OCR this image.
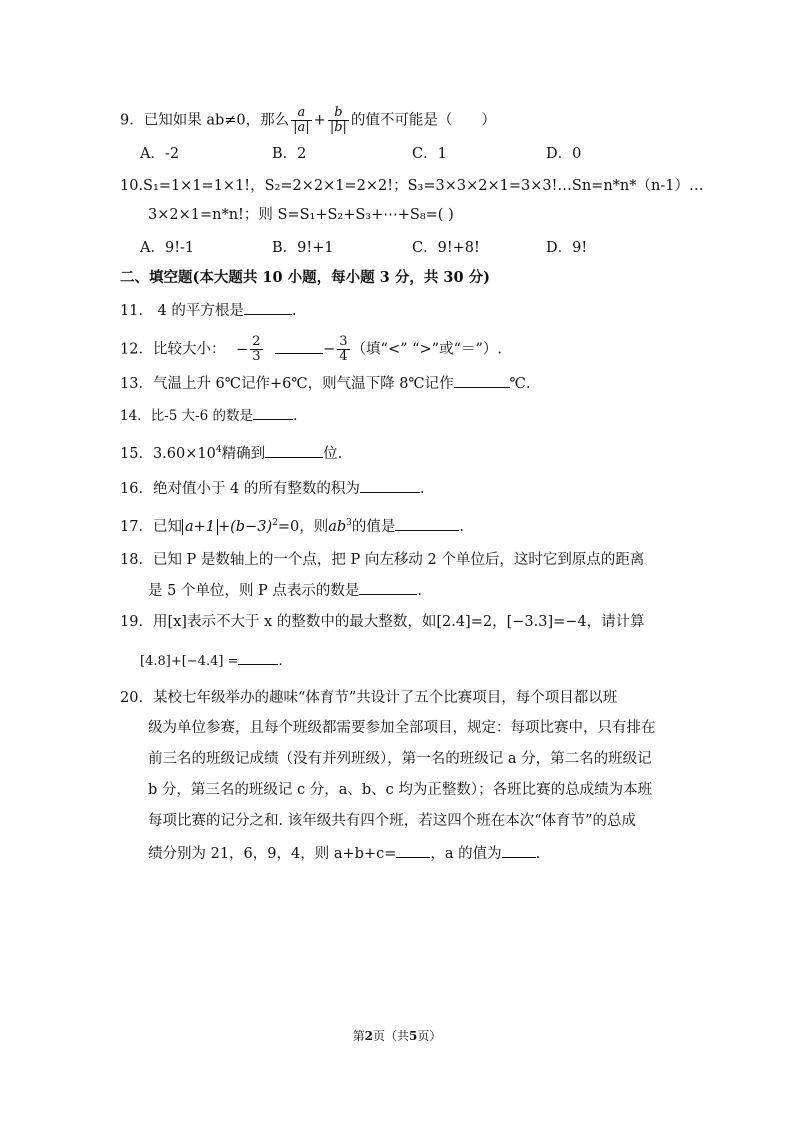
9．已知如果 ab≠0，那么 $\frac{a}{|a|} + \frac{b}{|b|}$ 的值不可能是（　　）
A．-2	B．2	C．1	D．0
10.S₁=1×1=1×1!，S₂=2×2×1=2×2!；S₃=3×3×2×1=3×3!…Sn=n*n*（n-1）…
3×2×1=n*n!；则 S=S₁+S₂+S₃+⋯+S₈=( )
A．9!-1	B．9!+1	C．9!+8!	D．9!
二、填空题(本大题共 10 小题，每小题 3 分，共 30 分)
11． 4 的平方根是	.
12．比较大小： − $\frac{2}{3}$	− $\frac{3}{4}$ （填“<” “>”或“＝”）.
13．气温上升 6℃记作+6℃，则气温下降 8℃记作	℃.
14．比-5 大-6 的数是	.
15．$3.60\times 10^4$精确到	位.
16．绝对值小于 4 的所有整数的积为	.
17．已知 $a+1 +(b-3)^2=0$，则$ab^3$的值是	.
18．已知 P 是数轴上的一个点，把 P 向左移动 2 个单位后，这时它到原点的距离
是 5 个单位，则 P 点表示的数是	.
19．用[x]表示不大于 x 的整数中的最大整数，如[2.4]=2，[−3.3]=−4，请计算
[4.8]+[−4.4] =	.
20．某校七年级举办的趣味“体育节”共设计了五个比赛项目，每个项目都以班
级为单位参赛，且每个班级都需要参加全部项目，规定：每项比赛中，只有排在
前三名的班级记成绩（没有并列班级），第一名的班级记 a 分，第二名的班级记
b 分，第三名的班级记 c 分，a、b、c 均为正整数）；各班比赛的总成绩为本班
每项比赛的记分之和. 该年级共有四个班，若这四个班在本次“体育节”的总成
绩分别为 21，6，9，4，则 a+b+c= ，a 的值为 .
第2页（共5页）
